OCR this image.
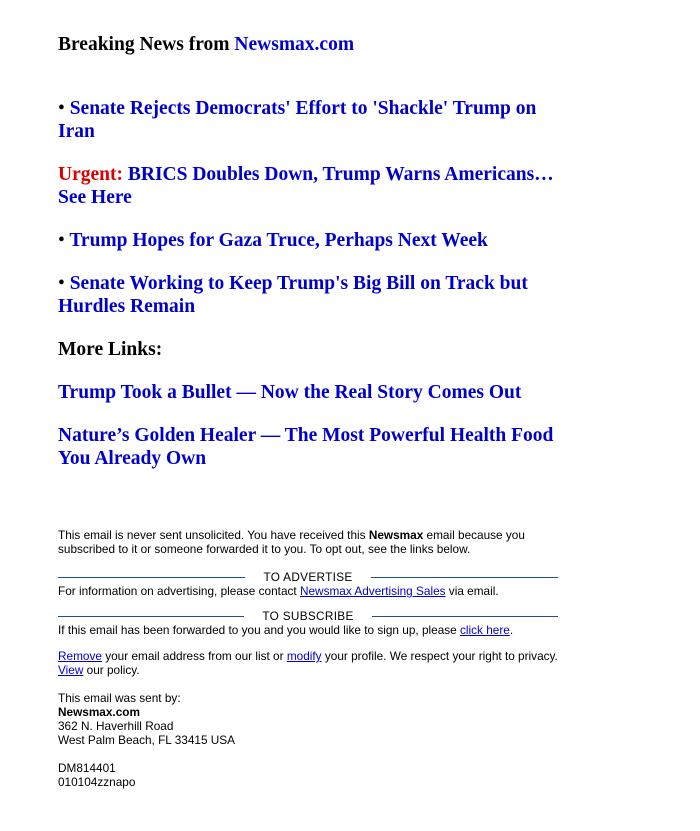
Breaking News from Newsmax.com
• Senate Rejects Democrats' Effort to 'Shackle' Trump on Iran
Urgent: BRICS Doubles Down, Trump Warns Americans… See Here
• Trump Hopes for Gaza Truce, Perhaps Next Week
• Senate Working to Keep Trump's Big Bill on Track but Hurdles Remain
More Links:
Trump Took a Bullet — Now the Real Story Comes Out
Nature’s Golden Healer — The Most Powerful Health Food You Already Own

This email is never sent unsolicited. You have received this Newsmax email because you subscribed to it or someone forwarded it to you. To opt out, see the links below.

TO ADVERTISE

For information on advertising, please contact Newsmax Advertising Sales via email.

TO SUBSCRIBE

If this email has been forwarded to you and you would like to sign up, please click here.

Remove your email address from our list or modify your profile. We respect your right to privacy. View our policy.

This email was sent by:

Newsmax.com

362 N. Haverhill Road

West Palm Beach, FL 33415 USA

DM814401

010104zznapo
